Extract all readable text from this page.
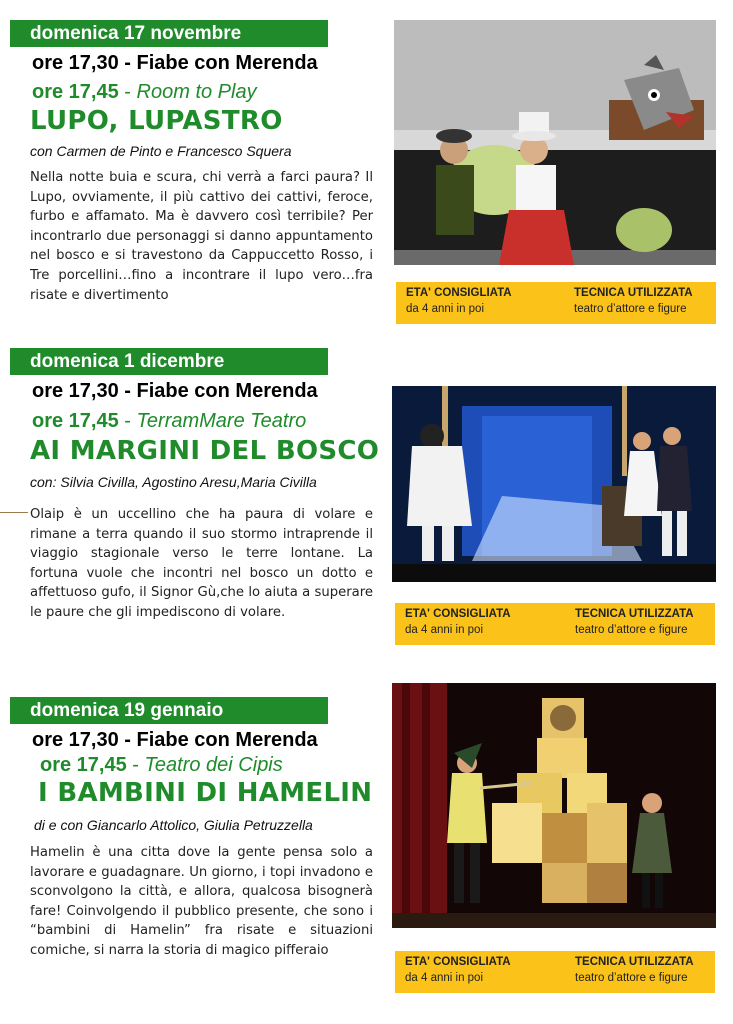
domenica 17 novembre
ore 17,30 - Fiabe con Merenda
ore 17,45 - Room to Play
LUPO, LUPASTRO
con Carmen de Pinto e Francesco Squera
Nella notte buia e scura, chi verrà a farci paura? Il Lupo, ovviamente, il più cattivo dei cattivi, feroce, furbo e affamato. Ma è davvero così terribile? Per incontrarlo due personaggi si danno appuntamento nel bosco e si travestono da Cappuccetto Rosso, i Tre porcellini…fino a incontrare il lupo vero…fra risate e divertimento	ETA' CONSIGLIATA
da 4 anni in poi
TECNICA UTILIZZATA
teatro d’attore e figure
domenica 1 dicembre
ore 17,30 - Fiabe con Merenda
ore 17,45 - TerramMare Teatro
AI MARGINI DEL BOSCO
con: Silvia Civilla, Agostino Aresu,Maria Civilla
Olaip è un uccellino che ha paura di volare e rimane a terra quando il suo stormo intraprende il viaggio stagionale verso le terre lontane. La fortuna vuole che incontri nel bosco un dotto e affettuoso gufo, il Signor Gù,che lo aiuta a superare le paure che gli impediscono di volare.	ETA' CONSIGLIATA
da 4 anni in poi
TECNICA UTILIZZATA
teatro d’attore e figure
domenica 19 gennaio
ore 17,30 - Fiabe con Merenda
ore 17,45 - Teatro dei Cipis
I BAMBINI DI HAMELIN
di e con Giancarlo Attolico, Giulia Petruzzella
Hamelin è una citta dove la gente pensa solo a lavorare e guadagnare. Un giorno, i topi invadono e sconvolgono la città, e allora, qualcosa bisognerà fare! Coinvolgendo il pubblico presente, che sono i “bambini di Hamelin” fra risate e situazioni comiche, si narra la storia di magico pifferaio
ETA' CONSIGLIATA
da 4 anni in poi
TECNICA UTILIZZATA
teatro d’attore e figure
